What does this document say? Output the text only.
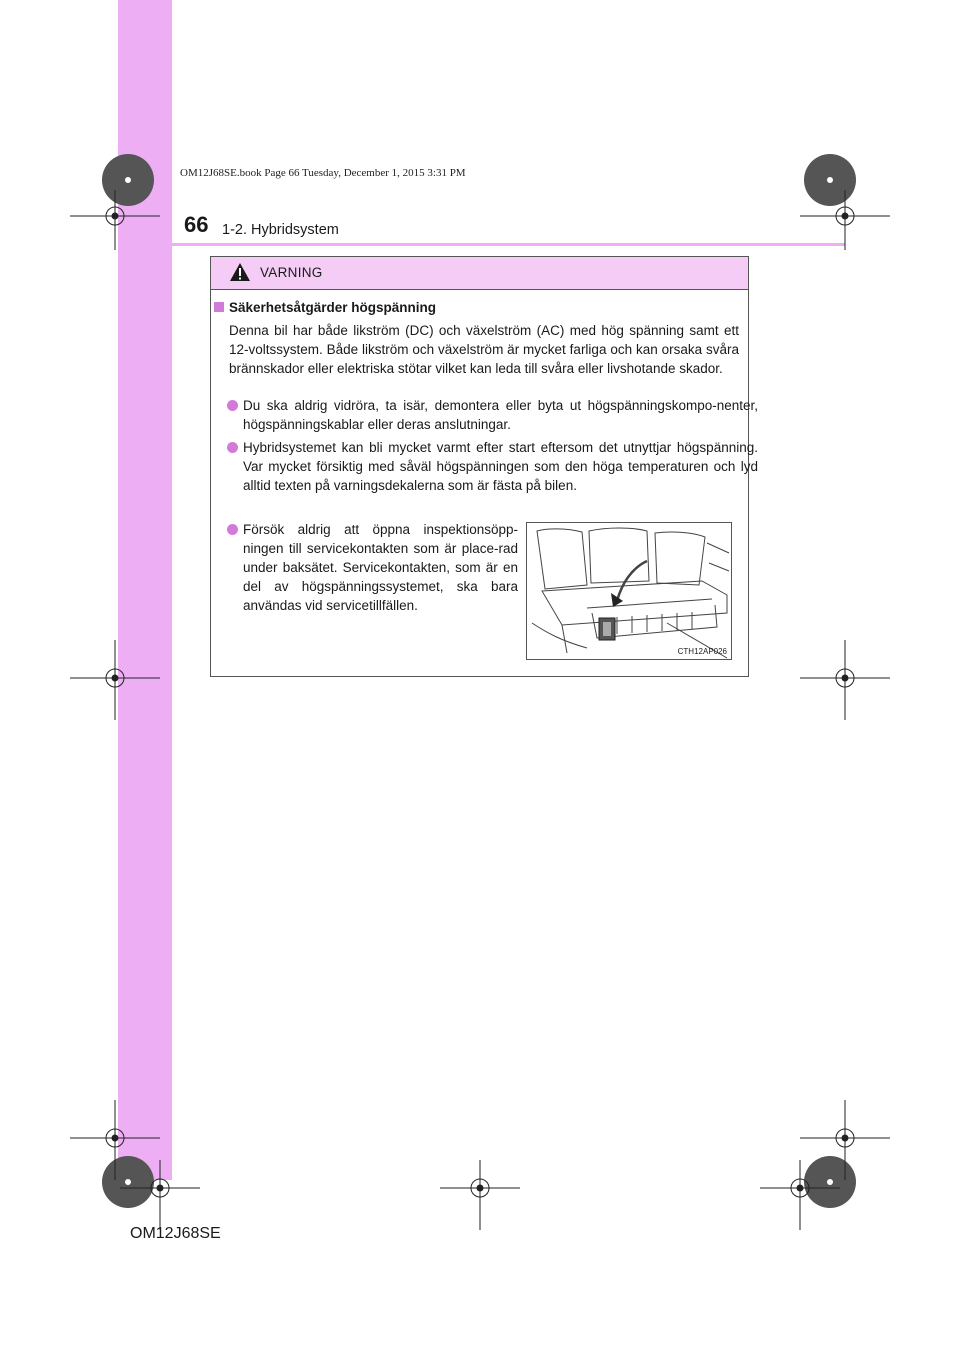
OM12J68SE.book Page 66 Tuesday, December 1, 2015 3:31 PM
66 1-2. Hybridsystem
VARNING
Säkerhetsåtgärder högspänning

Denna bil har både likström (DC) och växelström (AC) med hög spänning samt ett 12-voltssystem. Både likström och växelström är mycket farliga och kan orsaka svåra brännskador eller elektriska stötar vilket kan leda till svåra eller livshotande skador.

Du ska aldrig vidröra, ta isär, demontera eller byta ut högspänningskompo-nenter, högspänningskablar eller deras anslutningar.
Hybridsystemet kan bli mycket varmt efter start eftersom det utnyttjar högspänning. Var mycket försiktig med såväl högspänningen som den höga temperaturen och lyd alltid texten på varningsdekalerna som är fästa på bilen.
Försök aldrig att öppna inspektionsöpp-ningen till servicekontakten som är place-rad under baksätet. Servicekontakten, som är en del av högspänningssystemet, ska bara användas vid servicetillfällen.
CTH12AP026
OM12J68SE
